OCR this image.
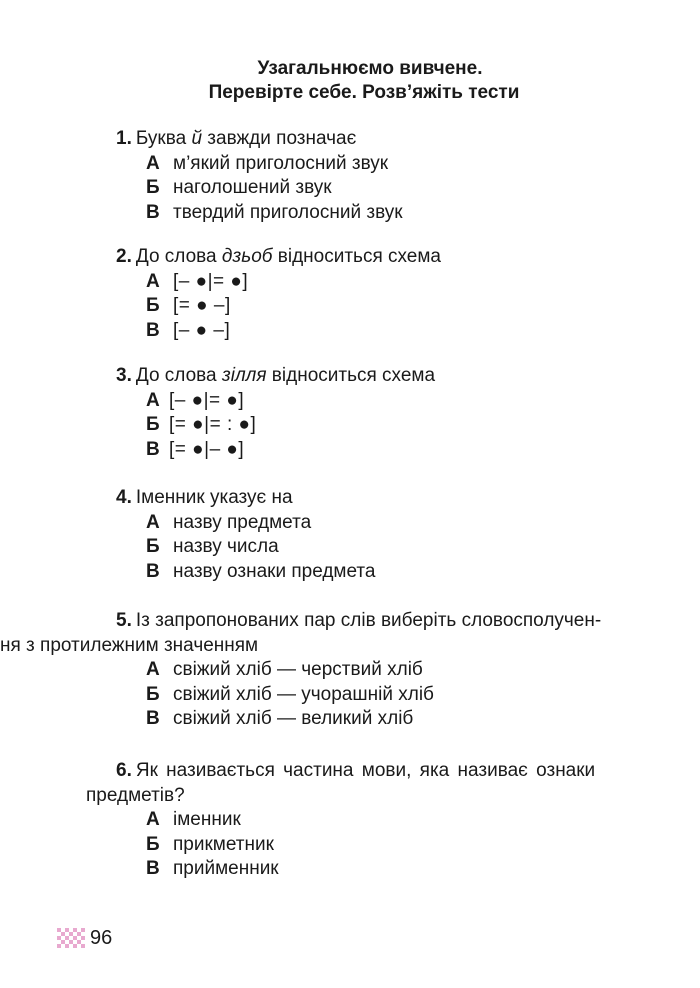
Узагальнюємо вивчене.
Перевірте себе. Розв’яжіть тести
1. Буква й завжди позначає
А м’який приголосний звук
Б наголошений звук
В твердий приголосний звук
2. До слова дзьоб відноситься схема
А [– ●|= ●]
Б [= ● –]
В [– ● –]
3. До слова зілля відноситься схема
А [– ●|= ●]
Б [= ●|= : ●]
В [= ●|– ●]
4. Іменник указує на
А назву предмета
Б назву числа
В назву ознаки предмета
5. Із запропонованих пар слів виберіть словосполучен-
ня з протилежним значенням
А свіжий хліб — черствий хліб
Б свіжий хліб — учорашній хліб
В свіжий хліб — великий хліб
6. Як називається частина мови, яка називає ознаки
предметів?
А іменник
Б прикметник
В прийменник
96
